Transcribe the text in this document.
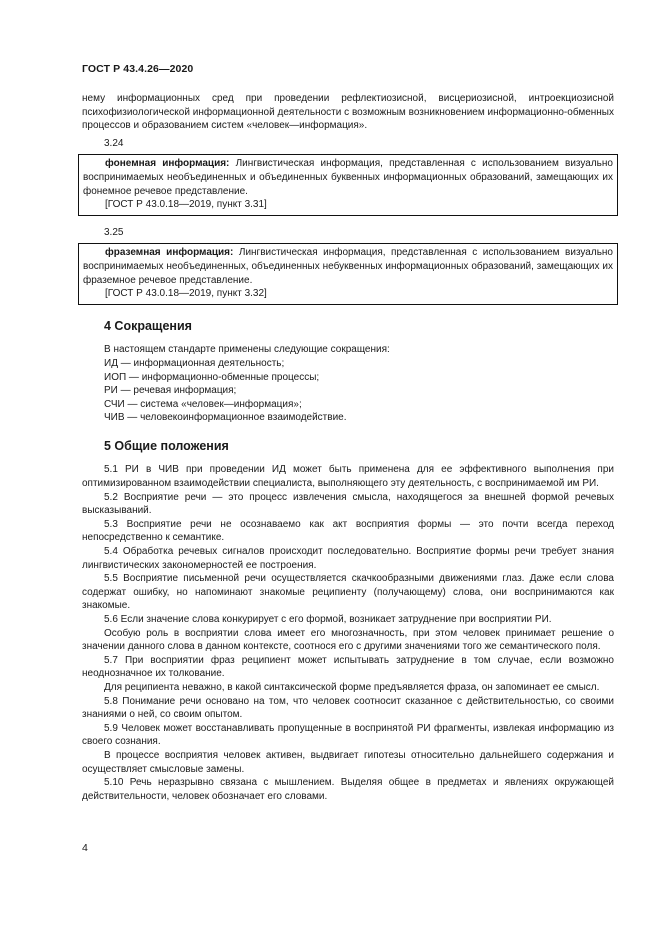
ГОСТ Р 43.4.26—2020

нему информационных сред при проведении рефлектиозисной, висцериозисной, интроекциозисной психофизиологической информационной деятельности с возможным возникновением информационно-обменных процессов и образованием систем «человек—информация».

3.24

фонемная информация: Лингвистическая информация, представленная с использованием визуально воспринимаемых необъединенных и объединенных буквенных информационных образований, замещающих их фонемное речевое представление.

[ГОСТ Р 43.0.18—2019, пункт 3.31]
3.25

фраземная информация: Лингвистическая информация, представленная с использованием визуально воспринимаемых необъединенных, объединенных небуквенных информационных образований, замещающих их фраземное речевое представление.

[ГОСТ Р 43.0.18—2019, пункт 3.32]
4 Сокращения

В настоящем стандарте применены следующие сокращения:

ИД — информационная деятельность;
ИОП — информационно-обменные процессы;
РИ — речевая информация;
СЧИ — система «человек—информация»;
ЧИВ — человекоинформационное взаимодействие.
5 Общие положения

5.1 РИ в ЧИВ при проведении ИД может быть применена для ее эффективного выполнения при оптимизированном взаимодействии специалиста, выполняющего эту деятельность, с воспринимаемой им РИ.

5.2 Восприятие речи — это процесс извлечения смысла, находящегося за внешней формой речевых высказываний.

5.3 Восприятие речи не осознаваемо как акт восприятия формы — это почти всегда переход непосредственно к семантике.

5.4 Обработка речевых сигналов происходит последовательно. Восприятие формы речи требует знания лингвистических закономерностей ее построения.

5.5 Восприятие письменной речи осуществляется скачкообразными движениями глаз. Даже если слова содержат ошибку, но напоминают знакомые реципиенту (получающему) слова, они воспринимаются как знакомые.

5.6 Если значение слова конкурирует с его формой, возникает затруднение при восприятии РИ.

Особую роль в восприятии слова имеет его многозначность, при этом человек принимает решение о значении данного слова в данном контексте, соотнося его с другими значениями того же семантического поля.

5.7 При восприятии фраз реципиент может испытывать затруднение в том случае, если возможно неоднозначное их толкование.

Для реципиента неважно, в какой синтаксической форме предъявляется фраза, он запоминает ее смысл.

5.8 Понимание речи основано на том, что человек соотносит сказанное с действительностью, со своими знаниями о ней, со своим опытом.

5.9 Человек может восстанавливать пропущенные в воспринятой РИ фрагменты, извлекая информацию из своего сознания.

В процессе восприятия человек активен, выдвигает гипотезы относительно дальнейшего содержания и осуществляет смысловые замены.

5.10 Речь неразрывно связана с мышлением. Выделяя общее в предметах и явлениях окружающей действительности, человек обозначает его словами.

4
